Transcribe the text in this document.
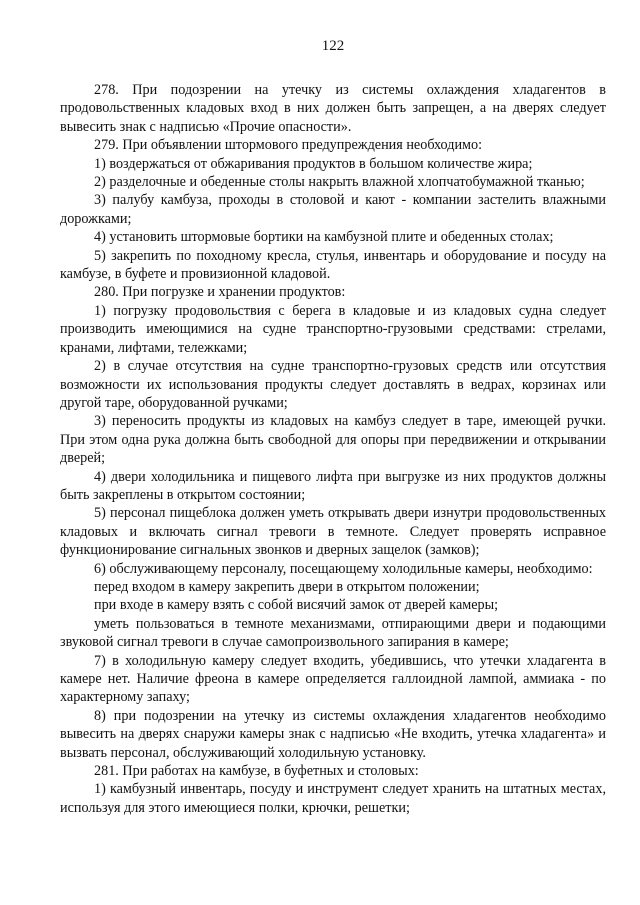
122

278. При подозрении на утечку из системы охлаждения хладагентов в продовольственных кладовых вход в них должен быть запрещен, а на дверях следует вывесить знак с надписью «Прочие опасности».

279. При объявлении штормового предупреждения необходимо:

1) воздержаться от обжаривания продуктов в большом количестве жира;

2) разделочные и обеденные столы накрыть влажной хлопчатобумажной тканью;

3) палубу камбуза, проходы в столовой и кают - компании застелить влажными дорожками;

4) установить штормовые бортики на камбузной плите и обеденных столах;

5) закрепить по походному кресла, стулья, инвентарь и оборудование и посуду на камбузе, в буфете и провизионной кладовой.

280. При погрузке и хранении продуктов:

1) погрузку продовольствия с берега в кладовые и из кладовых судна следует производить имеющимися на судне транспортно-грузовыми средствами: стрелами, кранами, лифтами, тележками;

2) в случае отсутствия на судне транспортно-грузовых средств или отсутствия возможности их использования продукты следует доставлять в ведрах, корзинах или другой таре, оборудованной ручками;

3) переносить продукты из кладовых на камбуз следует в таре, имеющей ручки. При этом одна рука должна быть свободной для опоры при передвижении и открывании дверей;

4) двери холодильника и пищевого лифта при выгрузке из них продуктов должны быть закреплены в открытом состоянии;

5) персонал пищеблока должен уметь открывать двери изнутри продовольственных кладовых и включать сигнал тревоги в темноте. Следует проверять исправное функционирование сигнальных звонков и дверных защелок (замков);

6) обслуживающему персоналу, посещающему холодильные камеры, необходимо:

перед входом в камеру закрепить двери в открытом положении;

при входе в камеру взять с собой висячий замок от дверей камеры;

уметь пользоваться в темноте механизмами, отпирающими двери и подающими звуковой сигнал тревоги в случае самопроизвольного запирания в камере;

7) в холодильную камеру следует входить, убедившись, что утечки хладагента в камере нет. Наличие фреона в камере определяется галлоидной лампой, аммиака - по характерному запаху;

8) при подозрении на утечку из системы охлаждения хладагентов необходимо вывесить на дверях снаружи камеры знак с надписью «Не входить, утечка хладагента» и вызвать персонал, обслуживающий холодильную установку.

281. При работах на камбузе, в буфетных и столовых:

1) камбузный инвентарь, посуду и инструмент следует хранить на штатных местах, используя для этого имеющиеся полки, крючки, решетки;
